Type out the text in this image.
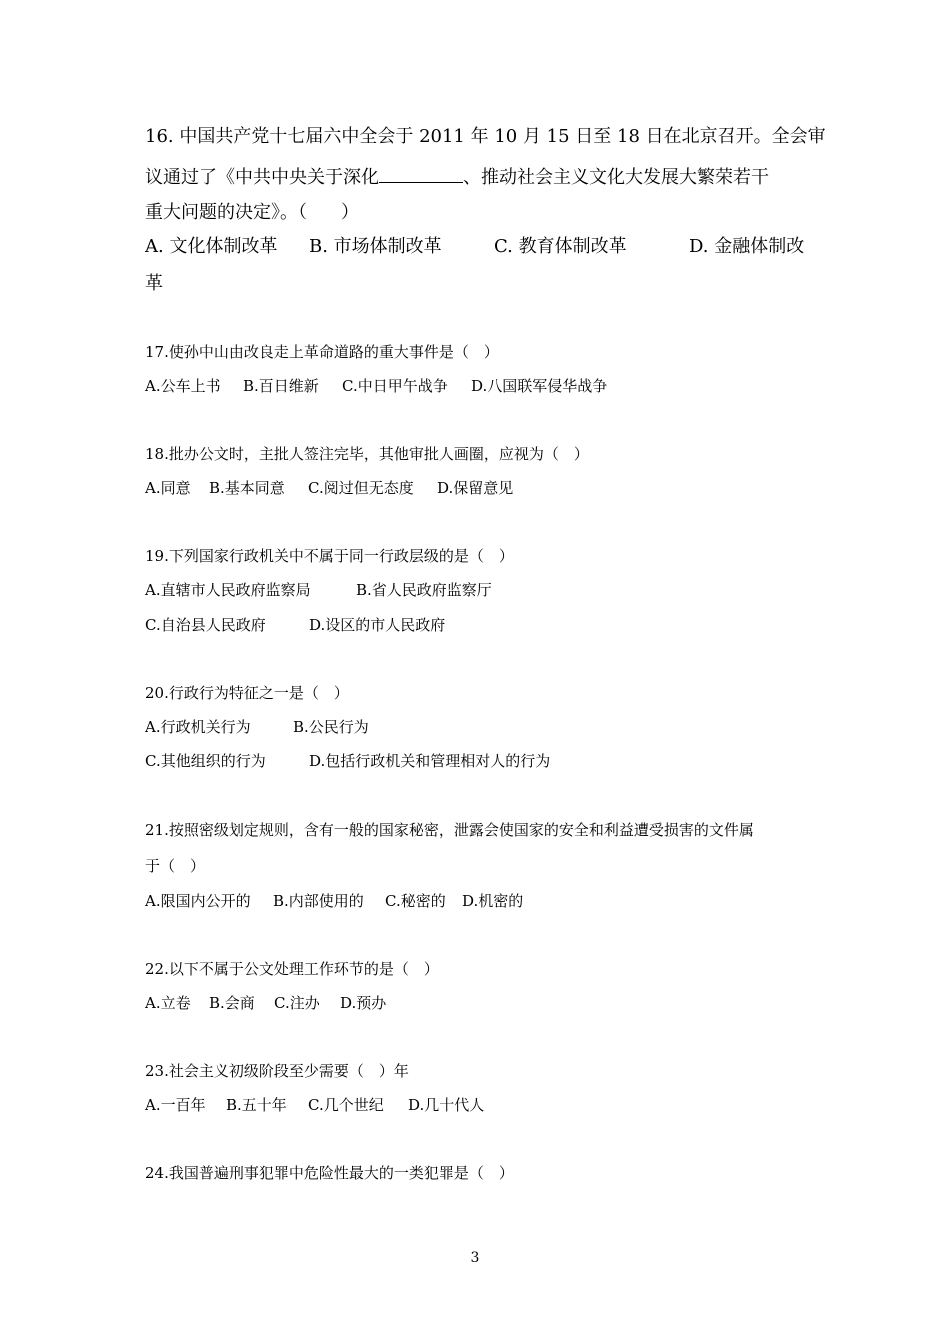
16. 中国共产党十七届六中全会于 2011 年 10 月 15 日至 18 日在北京召开。全会审
议通过了《中共中央关于深化	、推动社会主义文化大发展大繁荣若干
重大问题的决定》。（ ）
A. 文化体制改革 B. 市场体制改革	C. 教育体制改革	D. 金融体制改
革
17.使孙中山由改良走上革命道路的重大事件是（　）
A.公车上书 B.百日维新 C.中日甲午战争 D.八国联军侵华战争
18.批办公文时，主批人签注完毕，其他审批人画圈，应视为（　）
A.同意 B.基本同意 C.阅过但无态度 D.保留意见
19.下列国家行政机关中不属于同一行政层级的是（　）
A.直辖市人民政府监察局	B.省人民政府监察厅
C.自治县人民政府	D.设区的市人民政府
20.行政行为特征之一是（　）
A.行政机关行为	B.公民行为
C.其他组织的行为	D.包括行政机关和管理相对人的行为
21.按照密级划定规则，含有一般的国家秘密，泄露会使国家的安全和利益遭受损害的文件属
于（　）
A.限国内公开的 B.内部使用的 C.秘密的 D.机密的
22.以下不属于公文处理工作环节的是（　）
A.立卷 B.会商 C.注办 D.预办
23.社会主义初级阶段至少需要（　）年
A.一百年 B.五十年 C.几个世纪 D.几十代人
24.我国普遍刑事犯罪中危险性最大的一类犯罪是（　）
3
